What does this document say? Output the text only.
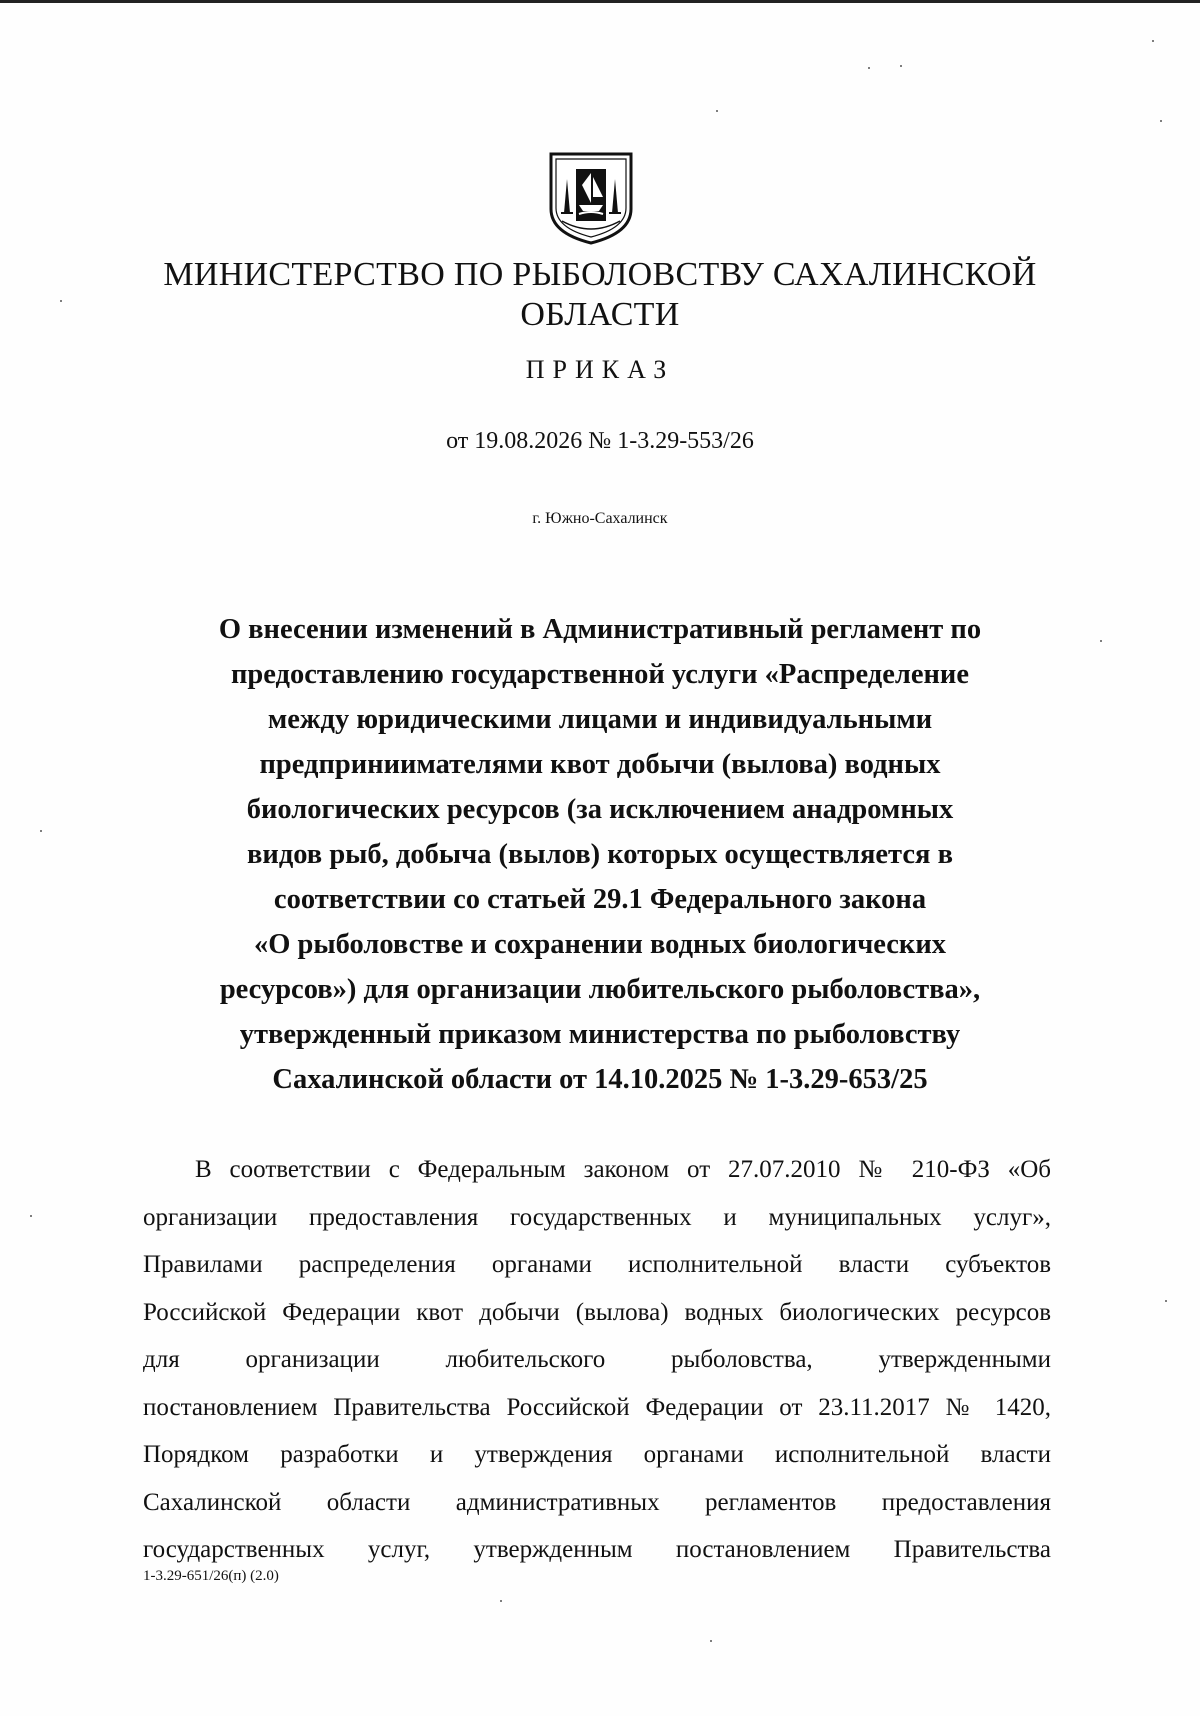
МИНИСТЕРСТВО ПО РЫБОЛОВСТВУ САХАЛИНСКОЙ
ОБЛАСТИ
ПРИКАЗ
от 19.08.2026 № 1-3.29-553/26
г. Южно-Сахалинск
О внесении изменений в Административный регламент по
предоставлению государственной услуги «Распределение
между юридическими лицами и индивидуальными
предприниимателями квот добычи (вылова) водных
биологических ресурсов (за исключением анадромных
видов рыб, добыча (вылов) которых осуществляется в
соответствии со статьей 29.1 Федерального закона
«О рыболовстве и сохранении водных биологических
ресурсов») для организации любительского рыболовства»,
утвержденный приказом министерства по рыболовству
Сахалинской области от 14.10.2025 № 1-3.29-653/25
В соответствии с Федеральным законом от 27.07.2010 № 210-ФЗ «Об
организации предоставления государственных и муниципальных услуг»,
Правилами распределения органами исполнительной власти субъектов
Российской Федерации квот добычи (вылова) водных биологических ресурсов
для организации любительского рыболовства, утвержденными
постановлением Правительства Российской Федерации от 23.11.2017 № 1420,
Порядком разработки и утверждения органами исполнительной власти
Сахалинской области административных регламентов предоставления
государственных услуг, утвержденным постановлением Правительства
1-3.29-651/26(п) (2.0)
